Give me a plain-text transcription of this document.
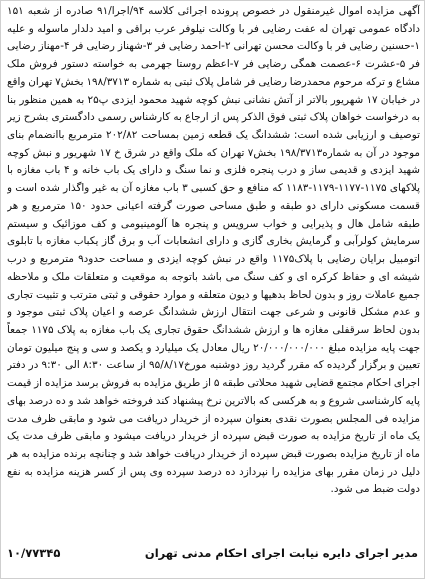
آگهی مزایده اموال غیرمنقول در خصوص پرونده اجرائی کلاسه ۹۴/اجرا/۹۱ صادره از شعبه ۱۵۱ دادگاه عمومی تهران له عفت رضایی فر با وکالت نیلوفر عرب براقی و امید دلدار ماسوله و علیه ۱-حسنین رضایی فر با وکالت محسن تهرانی ۲-احمد رضایی فر ۳-شهناز رضایی فر ۴-مهناز رضایی فر ۵-عشرت ۶-عصمت همگی رضایی فر ۷-اعظم روستا جهرمی به خواسته دستور فروش ملک مشاع و ترکه مرحوم محمدرضا رضایی فر شامل پلاک ثبتی به شماره ۱۹۸/۳۷۱۳ بخش۷ تهران واقع در خیابان ۱۷ شهریور بالاتر از آتش نشانی نبش کوچه شهید محمود ایزدی پ۲۵ به همین منظور بنا به درخواست خواهان پلاک ثبتی فوق الذکر پس از ارجاع به کارشناس رسمی دادگستری بشرح زیر توصیف و ارزیابی شده است: ششدانگ یک قطعه زمین بمساحت ۲۰۲/۸۲ مترمربع باانضمام بنای موجود در آن به شماره۱۹۸/۳۷۱۳ بخش۷ تهران که ملک واقع در شرق خ ۱۷ شهریور و نبش کوچه شهید ایزدی و قدیمی ساز و درب پنجره فلزی و نما سنگ و دارای یک باب خانه و ۴ باب مغازه با پلاکهای ۱۱۷۵-۱۱۷۷-۱۱۷۹-۱۱۸۳ که منافع و حق کسبی ۳ باب مغازه آن به غیر واگذار شده است و قسمت مسکونی دارای دو طبقه و طبق مساحی صورت گرفته اعیانی حدود ۱۵۰ مترمربع و هر طبقه شامل هال و پذیرایی و خواب سرویس و پنجره ها آلومینیومی و کف موزائیک و سیستم سرمایش کولرآبی و گرمایش بخاری گازی و دارای انشعابات آب و برق گاز یکباب مغازه با تابلوی اتومبیل برایان رضایی با پلاک۱۱۷۵ واقع در نبش کوچه ایزدی و مساحت حدود۹ مترمربع و درب شیشه ای و حفاظ کرکره ای و کف سنگ می باشد باتوجه به موقعیت و متعلقات ملک و ملاحظه جمیع عاملات روز و بدون لحاظ بدهیها و دیون متعلقه و موارد حقوقی و ثبتی مترتب و تثبیت تجاری و عدم مشکل قانونی و شرعی جهت انتقال ارزش ششدانگ عرصه و اعیان پلاک ثبتی موجود و بدون لحاظ سرقفلی مغازه ها و ارزش ششدانگ حقوق تجاری یک باب مغازه به پلاک ۱۱۷۵ جمعاً جهت پایه مزایده مبلغ ۲۰/۰۰۰/۰۰۰/۰۰۰ ریال معادل یک میلیارد و یکصد و سی و پنج میلیون تومان تعیین و برگزار گردیده که مقرر گردید روز دوشنبه مورخ۹۵/۸/۱۷ از ساعت ۸:۳۰ الی ۹:۳۰ در دفتر اجرای احکام مجتمع قضایی شهید محلاتی طبقه ۵ از طریق مزایده به فروش برسد مزایده از قیمت پایه کارشناسی شروع و به هرکسی که بالاترین نرخ پیشنهاد کند فروخته خواهد شد و ده درصد بهای مزایده فی المجلس بصورت نقدی بعنوان سپرده از خریدار دریافت می شود و مابقی ظرف مدت یک ماه از تاریخ مزایده به صورت قبض سپرده از خریدار دریافت میشود و مابقی ظرف مدت یک ماه از تاریخ مزایده بصورت قبض سپرده از خریدار دریافت خواهد شد و چنانچه برنده مزایده به هر دلیل در زمان مقرر بهای مزایده را نپردازد ده درصد سپرده وی پس از کسر هزینه مزایده به نفع دولت ضبط می شود.
مدیر اجرای دایره نیابت اجرای احکام مدنی تهران
۱۰/۷۷۳۴۵
